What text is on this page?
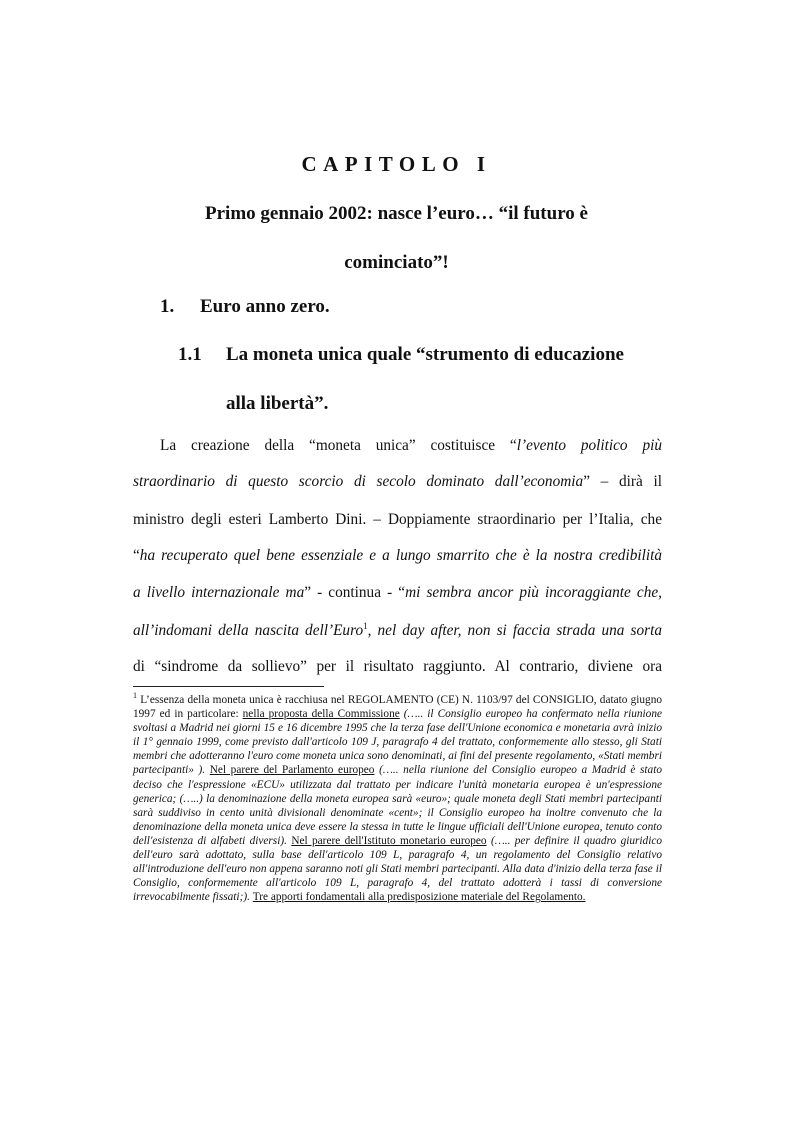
CAPITOLO I
Primo gennaio 2002: nasce l’euro… “il futuro è
cominciato”!
1. Euro anno zero.
1.1 La moneta unica quale “strumento di educazione
alla libertà”.

La creazione della “moneta unica” costituisce “l’evento politico più

straordinario di questo scorcio di secolo dominato dall’economia” – dirà il

ministro degli esteri Lamberto Dini. – Doppiamente straordinario per l’Italia, che

“ha recuperato quel bene essenziale e a lungo smarrito che è la nostra credibilità

a livello internazionale ma” - continua - “mi sembra ancor più incoraggiante che,

all’indomani della nascita dell’Euro$^1$, nel day after, non si faccia strada una sorta

di “sindrome da sollievo” per il risultato raggiunto. Al contrario, diviene ora

$^1$ L’essenza della moneta unica è racchiusa nel REGOLAMENTO (CE) N. 1103/97 del CONSIGLIO, datato giugno 1997 ed in particolare: nella proposta della Commissione (….. il Consiglio europeo ha confermato nella riunione svoltasi a Madrid nei giorni 15 e 16 dicembre 1995 che la terza fase dell'Unione economica e monetaria avrà inizio il 1° gennaio 1999, come previsto dall'articolo 109 J, paragrafo 4 del trattato, conformemente allo stesso, gli Stati membri che adotteranno l'euro come moneta unica sono denominati, ai fini del presente regolamento, «Stati membri partecipanti» ). Nel parere del Parlamento europeo (….. nella riunione del Consiglio europeo a Madrid è stato deciso che l'espressione «ECU» utilizzata dal trattato per indicare l'unità monetaria europea è un'espressione generica; (…..) la denominazione della moneta europea sarà «euro»; quale moneta degli Stati membri partecipanti sarà suddiviso in cento unità divisionali denominate «cent»; il Consiglio europeo ha inoltre convenuto che la denominazione della moneta unica deve essere la stessa in tutte le lingue ufficiali dell'Unione europea, tenuto conto dell'esistenza di alfabeti diversi). Nel parere dell'Istituto monetario europeo (….. per definire il quadro giuridico dell'euro sarà adottato, sulla base dell'articolo 109 L, paragrafo 4, un regolamento del Consiglio relativo all'introduzione dell'euro non appena saranno noti gli Stati membri partecipanti. Alla data d'inizio della terza fase il Consiglio, conformemente all'articolo 109 L, paragrafo 4, del trattato adotterà i tassi di conversione irrevocabilmente fissati;). Tre apporti fondamentali alla predisposizione materiale del Regolamento.
